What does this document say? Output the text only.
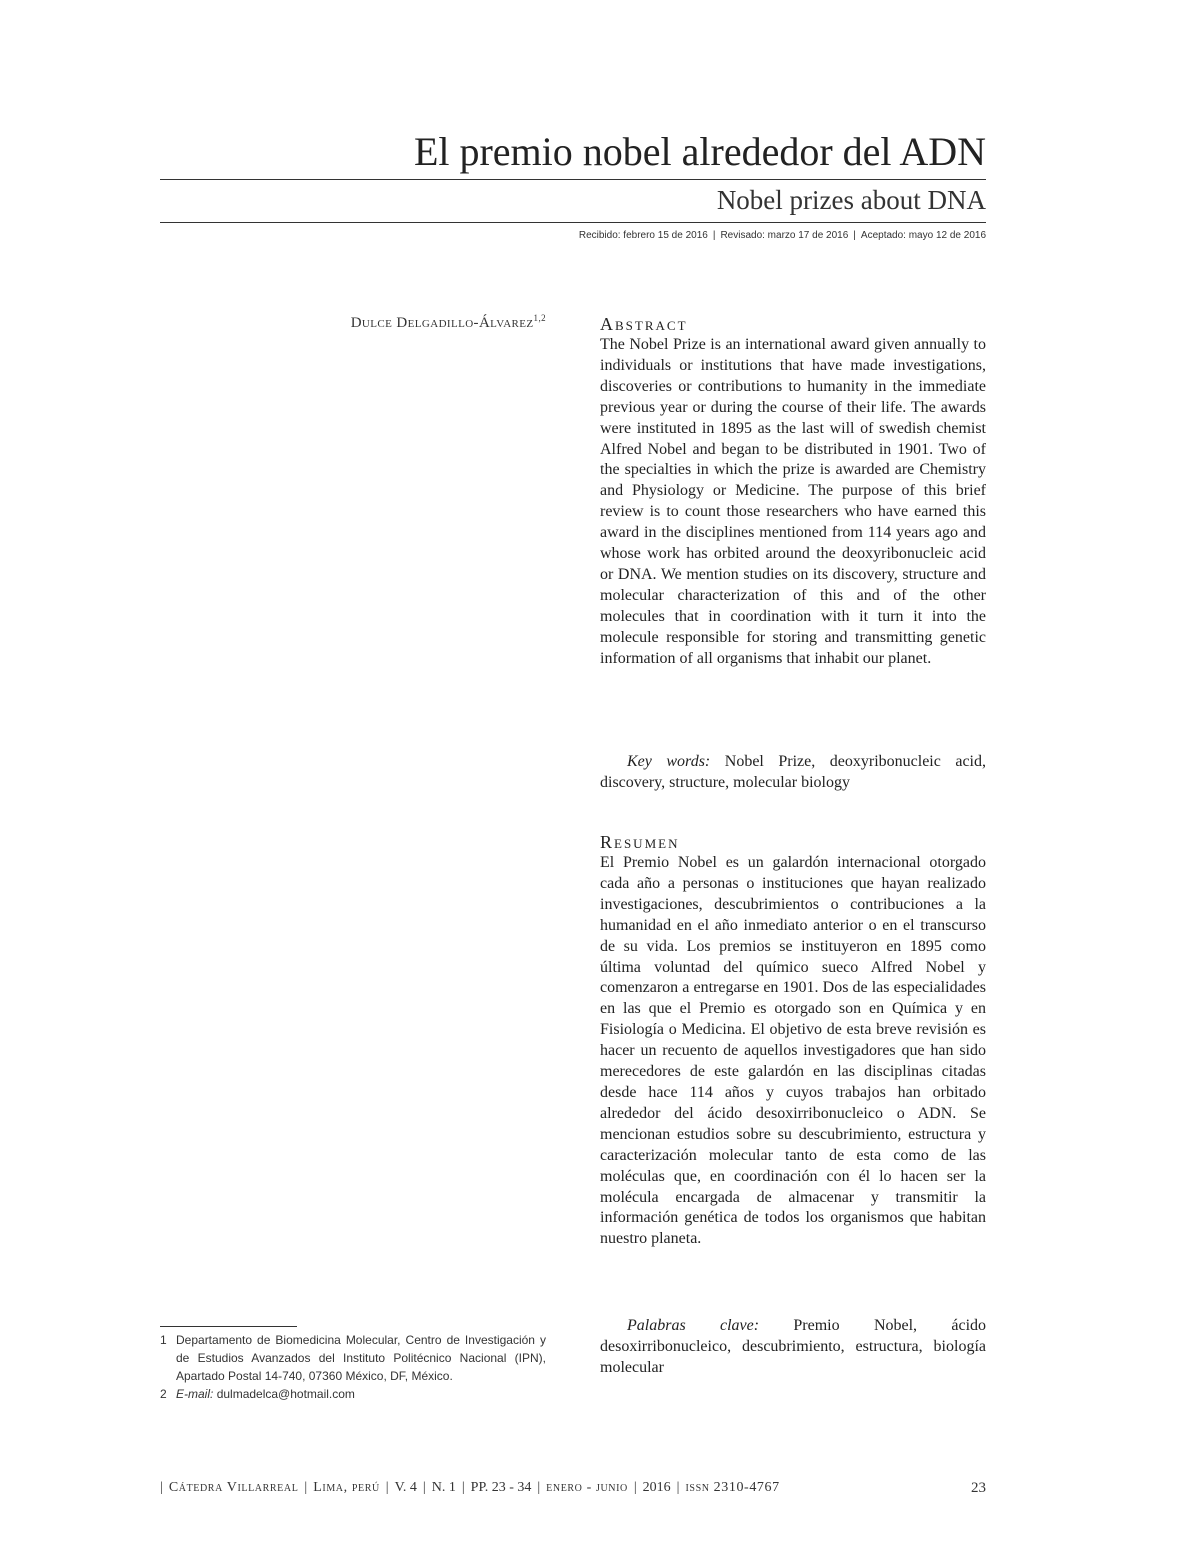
El premio nobel alrededor del ADN
Nobel prizes about DNA
Recibido: febrero 15 de 2016 | Revisado: marzo 17 de 2016 | Aceptado: mayo 12 de 2016
Dulce Delgadillo-Álvarez$^{1,2}$	Abstract

The Nobel Prize is an international award given annually to individuals or institutions that have made investigations, discoveries or contributions to humanity in the immediate previous year or during the course of their life. The awards were instituted in 1895 as the last will of swedish chemist Alfred Nobel and began to be distributed in 1901. Two of the specialties in which the prize is awarded are Chemistry and Physiology or Medicine. The purpose of this brief review is to count those researchers who have earned this award in the disciplines mentioned from 114 years ago and whose work has orbited around the deoxyribonucleic acid or DNA. We mention studies on its discovery, structure and molecular characterization of this and of the other molecules that in coordination with it turn it into the molecule responsible for storing and transmitting genetic information of all organisms that inhabit our planet.

Key words: Nobel Prize, deoxyribonucleic acid, discovery, structure, molecular biology

Resumen

El Premio Nobel es un galardón internacional otorgado cada año a personas o instituciones que hayan realizado investigaciones, descubrimientos o contribuciones a la humanidad en el año inmediato anterior o en el transcurso de su vida. Los premios se instituyeron en 1895 como última voluntad del químico sueco Alfred Nobel y comenzaron a entregarse en 1901. Dos de las especialidades en las que el Premio es otorgado son en Química y en Fisiología o Medicina. El objetivo de esta breve revisión es hacer un recuento de aquellos investigadores que han sido merecedores de este galardón en las disciplinas citadas desde hace 114 años y cuyos trabajos han orbitado alrededor del ácido desoxirribonucleico o ADN. Se mencionan estudios sobre su descubrimiento, estructura y caracterización molecular tanto de esta como de las moléculas que, en coordinación con él lo hacen ser la molécula encargada de almacenar y transmitir la información genética de todos los organismos que habitan nuestro planeta.

Palabras clave: Premio Nobel, ácido desoxirribonucleico, descubrimiento, estructura, biología molecular

1 Departamento de Biomedicina Molecular, Centro de Investigación y de Estudios Avanzados del Instituto Politécnico Nacional (IPN), Apartado Postal 14-740, 07360 México, DF, México.

2 E-mail: dulmadelca@hotmail.com

| Cátedra Villarreal | Lima, perú | V. 4 | N. 1 | PP. 23 - 34 | enero - junio | 2016 | issn 2310-4767	23
